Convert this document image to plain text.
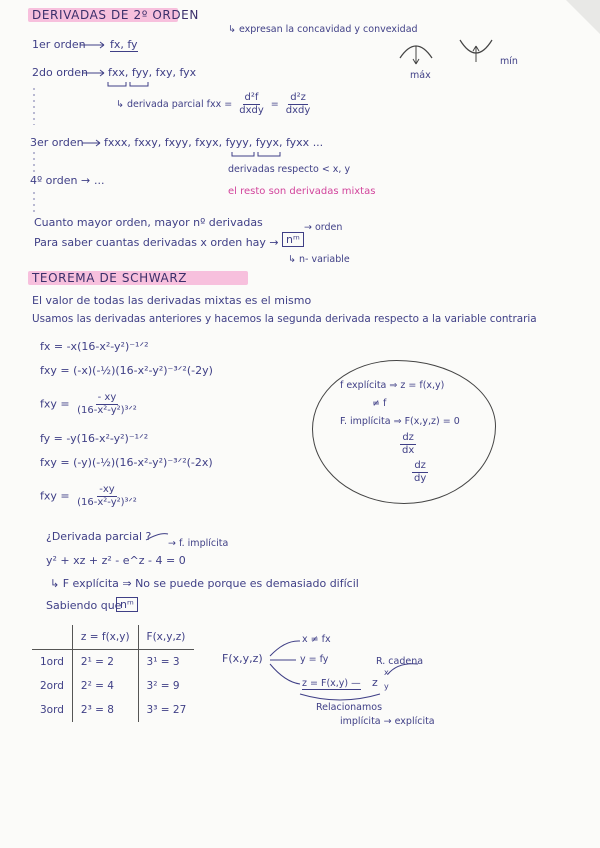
DERIVADAS DE 2º ORDEN
↳ expresan la concavidad y convexidad
máx
mín
1er orden fx, fy
2do orden fxx, fyy, fxy, fyx
↳ derivada parcial fxx = $\frac{\text{d²f}}{\text{dxdy}} = \frac{\text{d²z}}{\text{dxdy}}$
3er orden fxxx, fxxy, fxyy, fxyx, fyyy, fyyx, fyxx ...
derivadas respecto < x, y
el resto son derivadas mixtas
4º orden → ...
Cuanto mayor orden, mayor nº derivadas
Para saber cuantas derivadas x orden hay → nᵐ
→ orden
↳ n- variable
TEOREMA DE SCHWARZ
El valor de todas las derivadas mixtas es el mismo
Usamos las derivadas anteriores y hacemos la segunda derivada respecto a la variable contraria
fx = -x(16-x²-y²)⁻¹ᐟ²
fxy = (-x)(-½)(16-x²-y²)⁻³ᐟ²(-2y)
fxy = $\frac{- xy}{\text{(16-x²-y²)³ᐟ²}}$
fy = -y(16-x²-y²)⁻¹ᐟ²
fxy = (-y)(-½)(16-x²-y²)⁻³ᐟ²(-2x)
fxy = $\frac{-xy}{\text{(16-x²-y²)³ᐟ²}}$
f explícita ⇒ z = f(x,y)
≠ f
F. implícita ⇒ F(x,y,z) = 0
$\frac{dz}{dx}$
$\frac{dz}{dy}$
¿Derivada parcial ?
→ f. implícita
y² + xz + z² - e^z - 4 = 0
↳ F explícita ⇒ No se puede porque es demasiado difícil
Sabiendo que
nᵐ
	z = f(x,y)	F(x,y,z)
1ord	2¹ = 2	3¹ = 3
2ord	2² = 4	3² = 9
3ord	2³ = 8	3³ = 27
F(x,y,z)
x ≠ fx
y = fy
z = F(x,y) — z
x
y
R. cadena
Relacionamos
implícita → explícita
